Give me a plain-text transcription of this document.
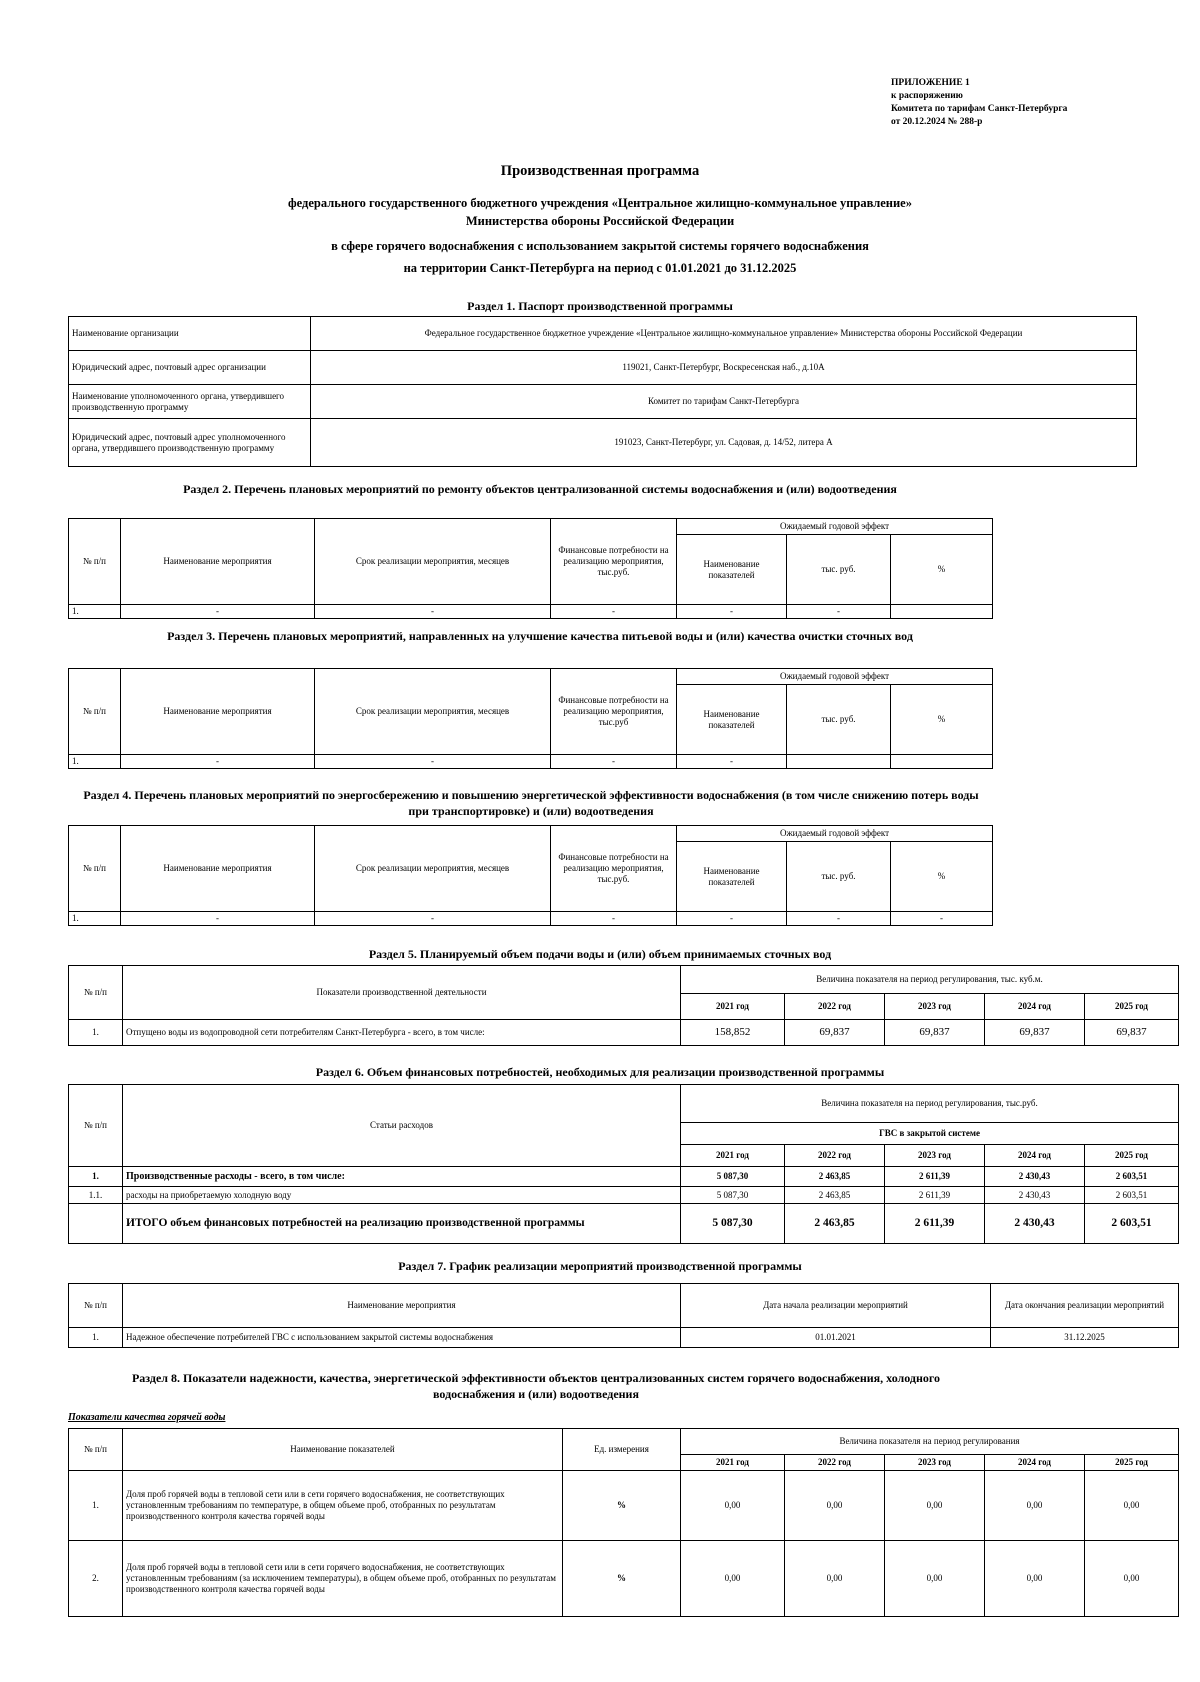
ПРИЛОЖЕНИЕ 1
к распоряжению
Комитета по тарифам Санкт-Петербурга
от 20.12.2024 № 288-р
Производственная программа
федерального государственного бюджетного учреждения «Центральное жилищно-коммунальное управление»
Министерства обороны Российской Федерации
в сфере горячего водоснабжения с использованием закрытой системы горячего водоснабжения
на территории Санкт-Петербурга на период с 01.01.2021 до 31.12.2025
Раздел 1. Паспорт производственной программы
Наименование организации	Федеральное государственное бюджетное учреждение «Центральное жилищно-коммунальное управление» Министерства обороны Российской Федерации
Юридический адрес, почтовый адрес организации	119021, Санкт-Петербург, Воскресенская наб., д.10А
Наименование уполномоченного органа, утвердившего производственную программу	Комитет по тарифам Санкт-Петербурга
Юридический адрес, почтовый адрес уполномоченного органа, утвердившего производственную программу	191023, Санкт-Петербург, ул. Садовая, д. 14/52, литера А
Раздел 2. Перечень плановых мероприятий по ремонту объектов централизованной системы водоснабжения и (или) водоотведения
№ п/п	Наименование мероприятия	Срок реализации мероприятия, месяцев	Финансовые потребности на реализацию мероприятия, тыс.руб.	Ожидаемый годовой эффект		
				Наименование показателей	тыс. руб.	%
1.	-	-	-	-	-	
Раздел 3. Перечень плановых мероприятий, направленных на улучшение качества питьевой воды и (или) качества очистки сточных вод
№ п/п	Наименование мероприятия	Срок реализации мероприятия, месяцев	Финансовые потребности на реализацию мероприятия, тыс.руб	Ожидаемый годовой эффект		
				Наименование показателей	тыс. руб.	%
1.	-	-	-	-		
Раздел 4. Перечень плановых мероприятий по энергосбережению и повышению энергетической эффективности водоснабжения (в том числе снижению потерь воды при транспортировке) и (или) водоотведения
№ п/п	Наименование мероприятия	Срок реализации мероприятия, месяцев	Финансовые потребности на реализацию мероприятия, тыс.руб.	Ожидаемый годовой эффект		
				Наименование показателей	тыс. руб.	%
1.	-	-	-	-	-	-
Раздел 5. Планируемый объем подачи воды и (или) объем принимаемых сточных вод
№ п/п	Показатели производственной деятельности	Величина показателя на период регулирования, тыс. куб.м.				
		2021 год	2022 год	2023 год	2024 год	2025 год
1.	Отпущено воды из водопроводной сети потребителям Санкт-Петербурга - всего, в том числе:	158,852	69,837	69,837	69,837	69,837
Раздел 6. Объем финансовых потребностей, необходимых для реализации производственной программы
№ п/п	Статьи расходов	Величина показателя на период регулирования, тыс.руб.				
		ГВС в закрытой системе				
		2021 год	2022 год	2023 год	2024 год	2025 год
1.	Производственные расходы - всего, в том числе:	5 087,30	2 463,85	2 611,39	2 430,43	2 603,51
1.1.	расходы на приобретаемую холодную воду	5 087,30	2 463,85	2 611,39	2 430,43	2 603,51
	ИТОГО объем финансовых потребностей на реализацию производственной программы	5 087,30	2 463,85	2 611,39	2 430,43	2 603,51
Раздел 7. График реализации мероприятий производственной программы
№ п/п	Наименование мероприятия	Дата начала реализации мероприятий	Дата окончания реализации мероприятий
1.	Надежное обеспечение потребителей ГВС с использованием закрытой системы водоснабжения	01.01.2021	31.12.2025
Раздел 8. Показатели надежности, качества, энергетической эффективности объектов централизованных систем горячего водоснабжения, холодного водоснабжения и (или) водоотведения
Показатели качества горячей воды
№ п/п	Наименование показателей	Ед. измерения	Величина показателя на период регулирования				
			2021 год	2022 год	2023 год	2024 год	2025 год
1.	Доля проб горячей воды в тепловой сети или в сети горячего водоснабжения, не соответствующих установленным требованиям по температуре, в общем объеме проб, отобранных по результатам производственного контроля качества горячей воды	%	0,00	0,00	0,00	0,00	0,00
2.	Доля проб горячей воды в тепловой сети или в сети горячего водоснабжения, не соответствующих установленным требованиям (за исключением температуры), в общем объеме проб, отобранных по результатам производственного контроля качества горячей воды	%	0,00	0,00	0,00	0,00	0,00
